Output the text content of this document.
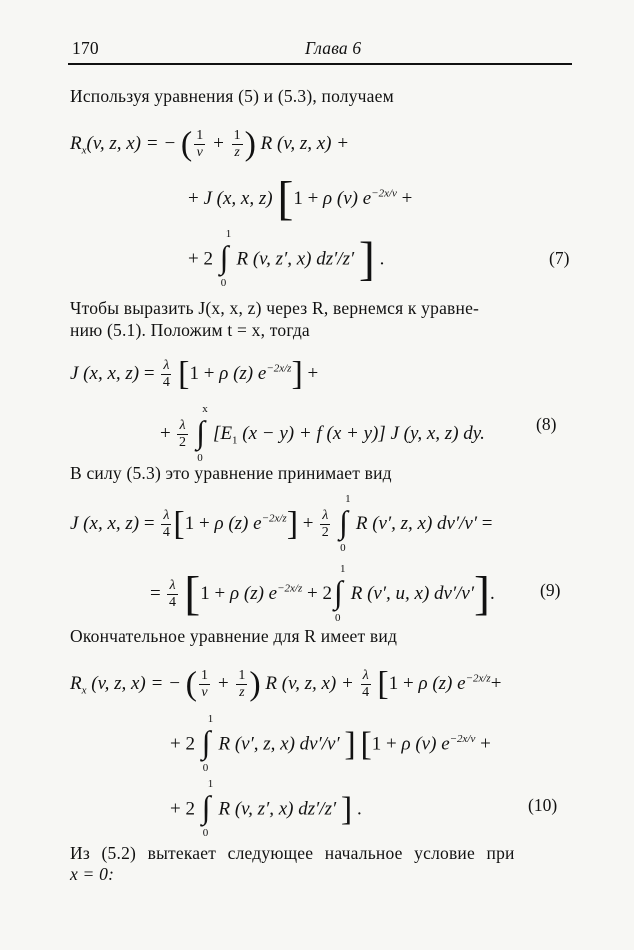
170	Глава 6
Используя уравнения (5) и (5.3), получаем
$R_x(v$, z, x) = − ( $\frac{1}{v} + \frac{1}{z}$ ) R (v, z, x) +
+ J (x, x, z) [1 + ρ (v) $e^{-2x/v}$ +
+ 2
1
∫
0
R (v, z′, x) dz′/z′ ] .	(7)
Чтобы выразить J(x, x, z) через R, вернемся к уравне-
нию (5.1). Положим t = x, тогда
J (x, x, $z) = \frac{\lambda}{4} [1 + \rho$ (z) $e^{-2x/z}$] +
+ $\frac{\lambda}{2}$

x
∫
0
[$E_1$ (x − y) + f (x + y)] J (y, x, z) dy.	(8)
В силу (5.3) это уравнение принимает вид
J (x, x, $z) = \frac{\lambda}{4} [1 + \rho$ (z) $e^{-2x/z}] + \frac{\lambda}{2}$

1
∫
0
R (v′, z, x) dv′/v′ =
= $\frac{\lambda}{4} [1 + \rho$ (z) $e^{-2x/z} + 2$
1
∫
0
R (v′, u, x) dv′/v′].	(9)
Окончательное уравнение для R имеет вид
$R_x$ (v, z, x) = − ( $\frac{1}{v} + \frac{1}{z}$ ) R (v, z, $x) + \frac{\lambda}{4} [1 + \rho$ (z) $e^{-2x/z}+$
+ 2
1
∫
0
R (v′, z, x) dv′/v′ ] [1 + ρ (v) $e^{-2x/v}$ +
+ 2
1
∫
0
R (v, z′, x) dz′/z′ ] .	(10)
Из (5.2) вытекает следующее начальное условие при
x = 0:
